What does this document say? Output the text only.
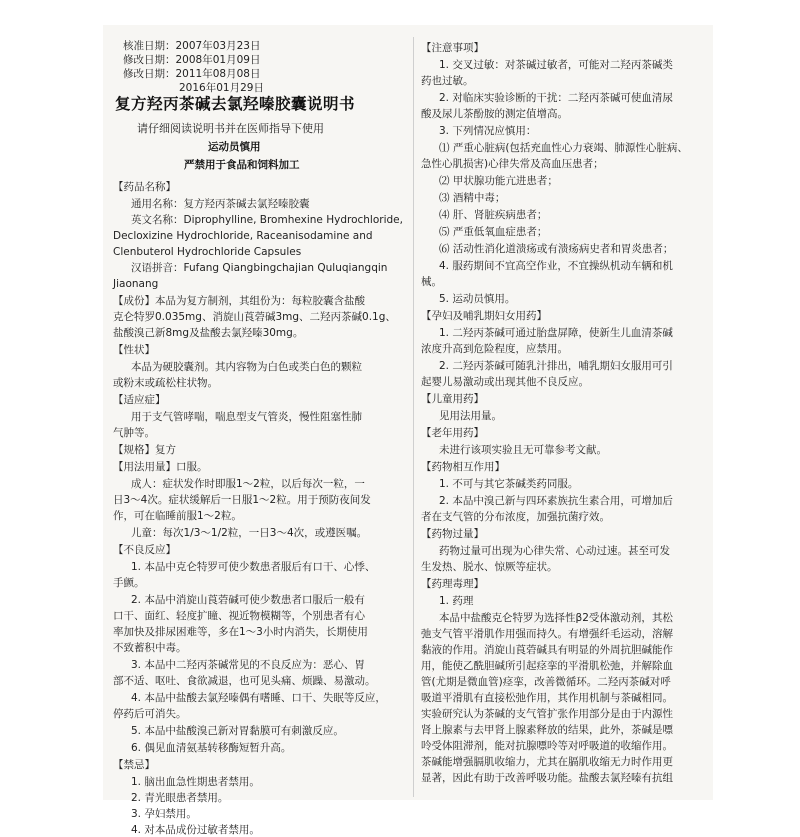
核准日期：2007年03月23日
修改日期：2008年01月09日
修改日期：2011年08月08日
2016年01月29日
复方羟丙茶碱去氯羟嗪胶囊说明书
请仔细阅读说明书并在医师指导下使用
运动员慎用
严禁用于食品和饲料加工
【药品名称】
通用名称：复方羟丙茶碱去氯羟嗪胶囊
英文名称：Diprophylline, Bromhexine Hydrochloride,
Decloxizine Hydrochloride, Raceanisodamine and
Clenbuterol Hydrochloride Capsules
汉语拼音：Fufang Qiangbingchajian Quluqiangqin
Jiaonang
【成份】本品为复方制剂，其组份为：每粒胶囊含盐酸
克仑特罗0.035mg、消旋山莨菪碱3mg、二羟丙茶碱0.1g、
盐酸溴己新8mg及盐酸去氯羟嗪30mg。
【性状】
本品为硬胶囊剂。其内容物为白色或类白色的颗粒
或粉末或疏松柱状物。
【适应症】
用于支气管哮喘，喘息型支气管炎，慢性阻塞性肺
气肿等。
【规格】复方
【用法用量】口服。
成人：症状发作时即服1～2粒，以后每次一粒，一
日3～4次。症状缓解后一日服1～2粒。用于预防夜间发
作，可在临睡前服1～2粒。
儿童：每次1/3～1/2粒，一日3～4次，或遵医嘱。
【不良反应】
1. 本品中克仑特罗可使少数患者服后有口干、心悸、
手颤。
2. 本品中消旋山莨菪碱可使少数患者口服后一般有
口干、面红、轻度扩瞳、视近物模糊等，个别患者有心
率加快及排尿困难等，多在1～3小时内消失，长期使用
不致蓄积中毒。
3. 本品中二羟丙茶碱常见的不良反应为：恶心、胃
部不适、呕吐、食欲减退，也可见头痛、烦躁、易激动。
4. 本品中盐酸去氯羟嗪偶有嗜睡、口干、失眠等反应，
停药后可消失。
5. 本品中盐酸溴己新对胃黏膜可有刺激反应。
6. 偶见血清氨基转移酶短暂升高。
【禁忌】
1. 脑出血急性期患者禁用。
2. 青光眼患者禁用。
3. 孕妇禁用。
4. 对本品成份过敏者禁用。
【注意事项】
1. 交叉过敏：对茶碱过敏者，可能对二羟丙茶碱类
药也过敏。
2. 对临床实验诊断的干扰：二羟丙茶碱可使血清尿
酸及尿儿茶酚胺的测定值增高。
3. 下列情况应慎用：
⑴ 严重心脏病(包括充血性心力衰竭、肺源性心脏病、
急性心肌损害)心律失常及高血压患者；
⑵ 甲状腺功能亢进患者；
⑶ 酒精中毒；
⑷ 肝、肾脏疾病患者；
⑸ 严重低氧血症患者；
⑹ 活动性消化道溃疡或有溃疡病史者和胃炎患者；
4. 服药期间不宜高空作业，不宜操纵机动车辆和机
械。
5. 运动员慎用。
【孕妇及哺乳期妇女用药】
1. 二羟丙茶碱可通过胎盘屏障，使新生儿血清茶碱
浓度升高到危险程度，应禁用。
2. 二羟丙茶碱可随乳汁排出，哺乳期妇女服用可引
起婴儿易激动或出现其他不良反应。
【儿童用药】
见用法用量。
【老年用药】
未进行该项实验且无可靠参考文献。
【药物相互作用】
1. 不可与其它茶碱类药同服。
2. 本品中溴己新与四环素族抗生素合用，可增加后
者在支气管的分布浓度，加强抗菌疗效。
【药物过量】
药物过量可出现为心律失常、心动过速。甚至可发
生发热、脱水、惊厥等症状。
【药理毒理】
1. 药理
本品中盐酸克仑特罗为选择性β2受体激动剂，其松
弛支气管平滑肌作用强而持久。有增强纤毛运动，溶解
黏液的作用。消旋山莨菪碱具有明显的外周抗胆碱能作
用，能使乙酰胆碱所引起痉挛的平滑肌松弛，并解除血
管(尤期是微血管)痉挛，改善微循环。二羟丙茶碱对呼
吸道平滑肌有直接松弛作用，其作用机制与茶碱相同。
实验研究认为茶碱的支气管扩张作用部分是由于内源性
肾上腺素与去甲肾上腺素释放的结果，此外，茶碱是嘌
呤受体阻滞剂，能对抗腺嘌呤等对呼吸道的收缩作用。
茶碱能增强膈肌收缩力，尤其在膈肌收缩无力时作用更
显著，因此有助于改善呼吸功能。盐酸去氯羟嗪有抗组
